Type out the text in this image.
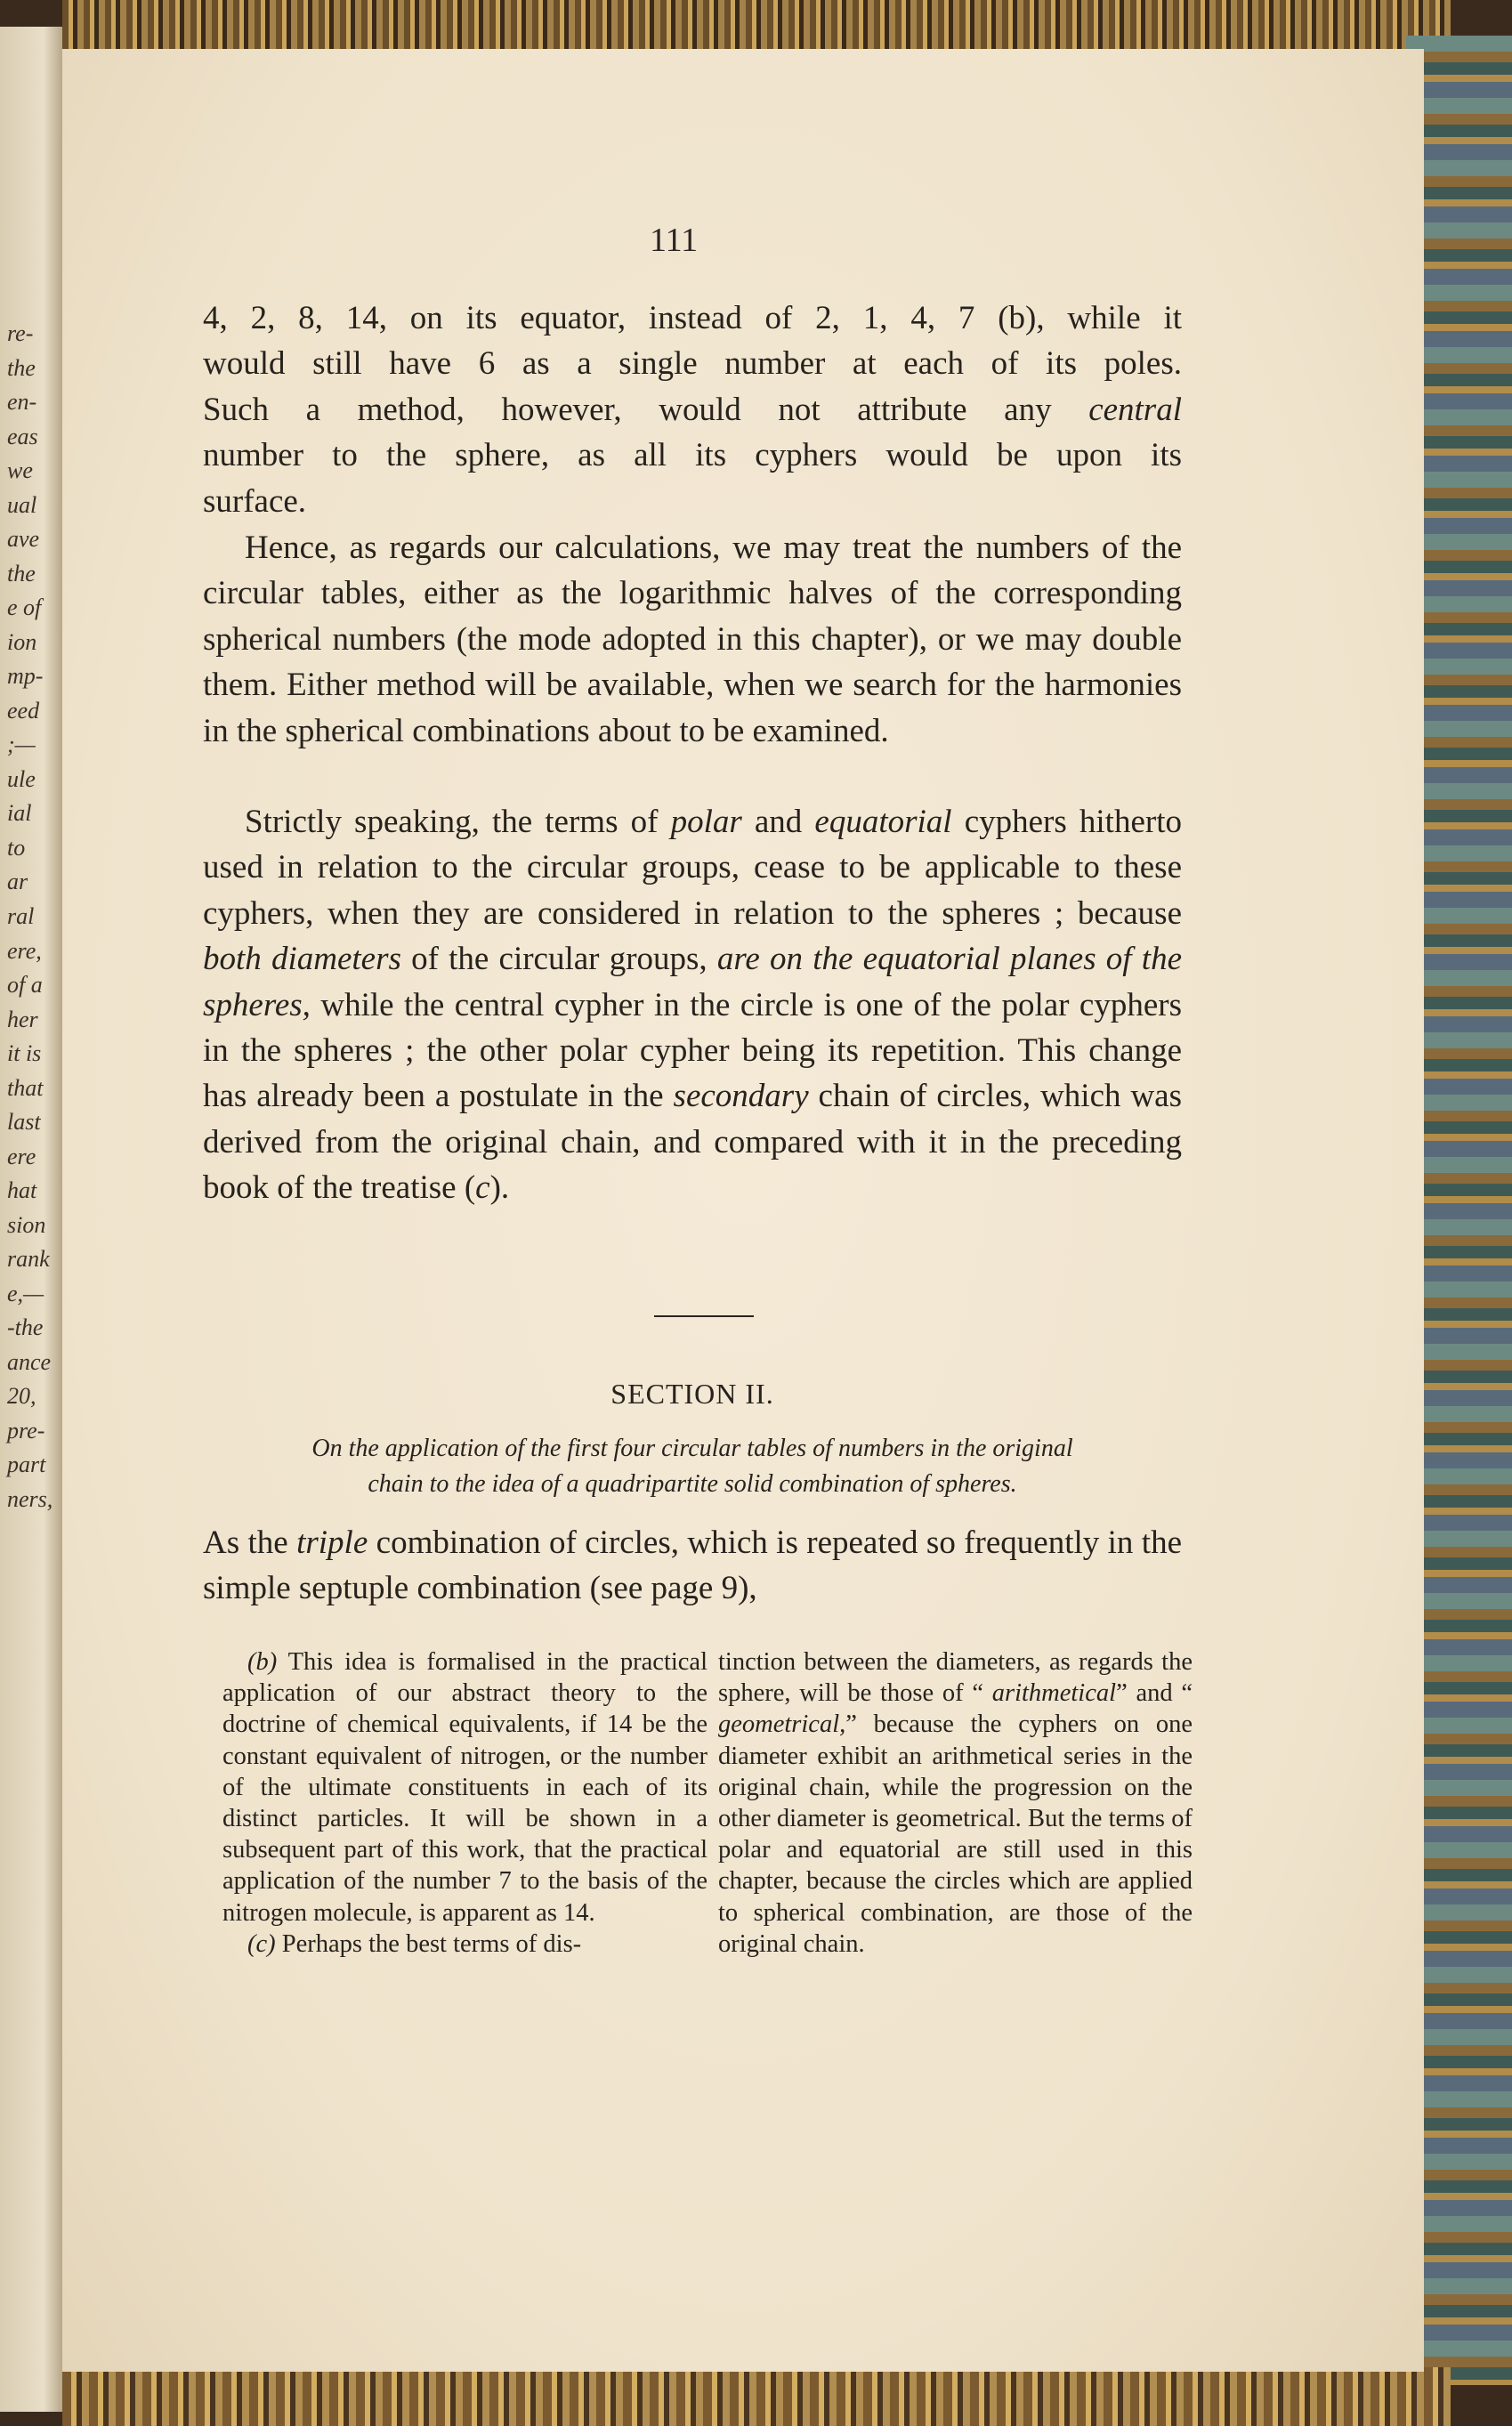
re-
the
en-
eas
we
ual
ave
the
e of
ion
mp-
eed
;—
ule
ial
to
ar
ral
ere,
of a
her
it is
that
last
ere
hat
sion
rank
e,—
-the
ance
20,
pre-
part
ners,
111

4, 2, 8, 14, on its equator, instead of 2, 1, 4, 7 (b), while it

would still have 6 as a single number at each of its poles.

Such a method, however, would not attribute any central

number to the sphere, as all its cyphers would be upon its

surface.

Hence, as regards our calculations, we may treat the numbers of the circular tables, either as the logarithmic halves of the corresponding spherical numbers (the mode adopted in this chapter), or we may double them. Either method will be available, when we search for the harmonies in the spherical combinations about to be examined.

Strictly speaking, the terms of polar and equatorial cyphers hitherto used in relation to the circular groups, cease to be applicable to these cyphers, when they are considered in relation to the spheres ; because both diameters of the circular groups, are on the equatorial planes of the spheres, while the central cypher in the circle is one of the polar cyphers in the spheres ; the other polar cypher being its repetition. This change has already been a postulate in the secondary chain of circles, which was derived from the original chain, and compared with it in the preceding book of the treatise (c).

SECTION II.

On the application of the first four circular tables of numbers in the original

chain to the idea of a quadripartite solid combination of spheres.

As the triple combination of circles, which is repeated so frequently in the simple septuple combination (see page 9),

(b) This idea is formalised in the practical application of our abstract theory to the doctrine of chemical equivalents, if 14 be the constant equivalent of nitrogen, or the number of the ultimate constituents in each of its distinct particles. It will be shown in a subsequent part of this work, that the practical application of the number 7 to the basis of the nitrogen molecule, is apparent as 14.

(c) Perhaps the best terms of dis-

tinction between the diameters, as regards the sphere, will be those of “ arithmetical” and “ geometrical,” because the cyphers on one diameter exhibit an arithmetical series in the original chain, while the progression on the other diameter is geometrical. But the terms of polar and equatorial are still used in this chapter, because the circles which are applied to spherical combination, are those of the original chain.
